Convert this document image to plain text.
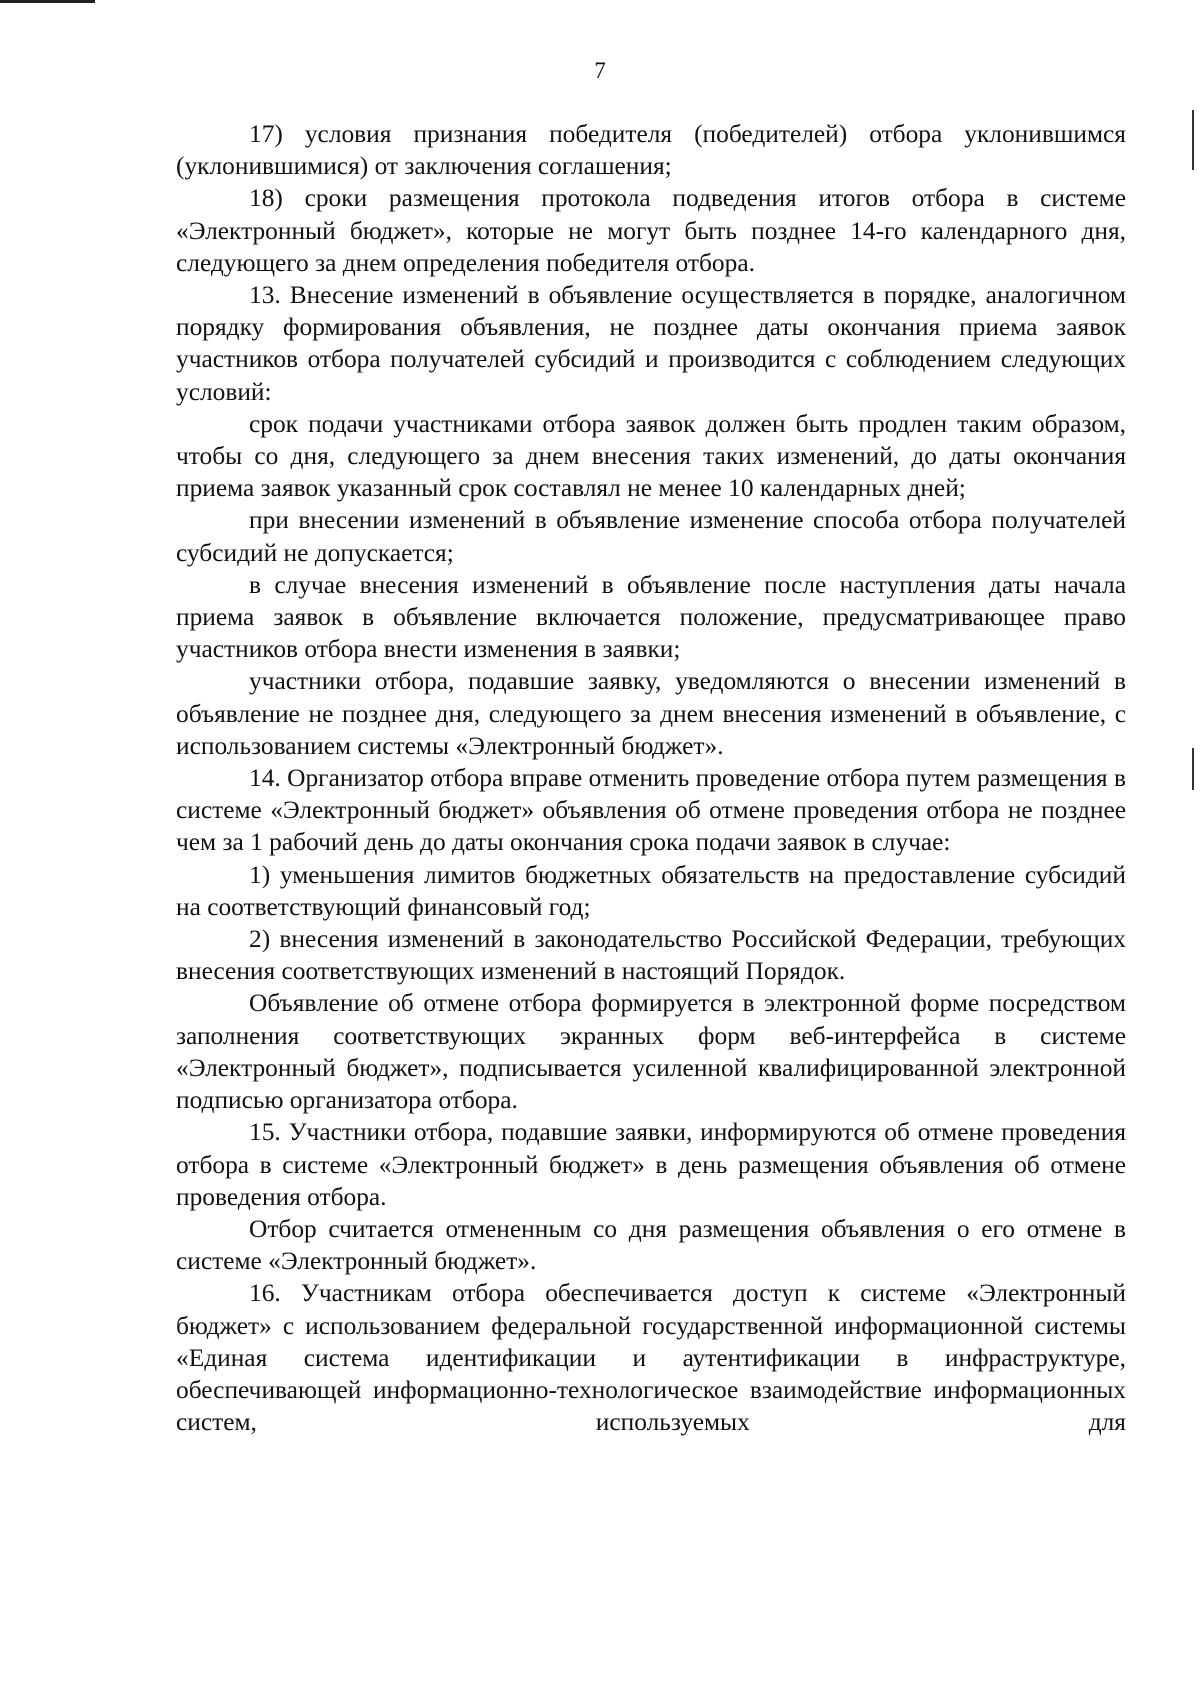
7

17) условия признания победителя (победителей) отбора уклонившимся (уклонившимися) от заключения соглашения;

18) сроки размещения протокола подведения итогов отбора в системе «Электронный бюджет», которые не могут быть позднее 14-го календарного дня, следующего за днем определения победителя отбора.

13. Внесение изменений в объявление осуществляется в порядке, аналогичном порядку формирования объявления, не позднее даты окончания приема заявок участников отбора получателей субсидий и производится с соблюдением следующих условий:

срок подачи участниками отбора заявок должен быть продлен таким образом, чтобы со дня, следующего за днем внесения таких изменений, до даты окончания приема заявок указанный срок составлял не менее 10 календарных дней;

при внесении изменений в объявление изменение способа отбора получателей субсидий не допускается;

в случае внесения изменений в объявление после наступления даты начала приема заявок в объявление включается положение, предусматривающее право участников отбора внести изменения в заявки;

участники отбора, подавшие заявку, уведомляются о внесении изменений в объявление не позднее дня, следующего за днем внесения изменений в объявление, с использованием системы «Электронный бюджет».

14. Организатор отбора вправе отменить проведение отбора путем размещения в системе «Электронный бюджет» объявления об отмене проведения отбора не позднее чем за 1 рабочий день до даты окончания срока подачи заявок в случае:

1) уменьшения лимитов бюджетных обязательств на предоставление субсидий на соответствующий финансовый год;

2) внесения изменений в законодательство Российской Федерации, требующих внесения соответствующих изменений в настоящий Порядок.

Объявление об отмене отбора формируется в электронной форме посредством заполнения соответствующих экранных форм веб-интерфейса в системе «Электронный бюджет», подписывается усиленной квалифицированной электронной подписью организатора отбора.

15. Участники отбора, подавшие заявки, информируются об отмене проведения отбора в системе «Электронный бюджет» в день размещения объявления об отмене проведения отбора.

Отбор считается отмененным со дня размещения объявления о его отмене в системе «Электронный бюджет».

16. Участникам отбора обеспечивается доступ к системе «Электронный бюджет» с использованием федеральной государственной информационной системы «Единая система идентификации и аутентификации в инфраструктуре, обеспечивающей информационно-технологическое взаимодействие информационных систем, используемых для
